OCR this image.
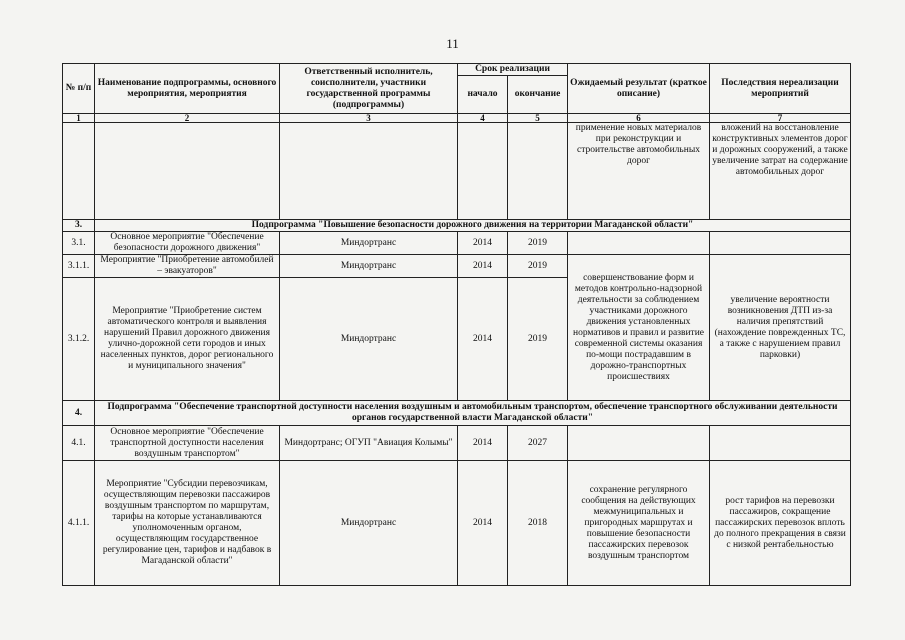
11
№ п/п	Наименование подпрограммы, основного мероприятия, мероприятия	Ответственный исполнитель, соисполнители, участники государственной программы (подпрограммы)	Срок реализации		Ожидаемый результат (краткое описание)	Последствия нереализации мероприятий
			начало	окончание		
1	2	3	4	5	6	7
					применение новых материалов при реконструкции и строительстве автомобильных дорог	вложений на восстановление конструктивных элементов дорог и дорожных сооружений, а также увеличение затрат на содержание автомобильных дорог
3.	Подпрограмма "Повышение безопасности дорожного движения на территории Магаданской области"					
3.1.	Основное мероприятие "Обеспечение безопасности дорожного движения"	Миндортранс	2014	2019		
3.1.1.	Мероприятие "Приобретение автомобилей – эвакуаторов"	Миндортранс	2014	2019	совершенствование форм и методов контрольно-надзорной деятельности за соблюдением участниками дорожного движения установленных нормативов и правил и развитие современной системы оказания по-мощи пострадавшим в дорожно-транспортных происшествиях	увеличение вероятности возникновения ДТП из-за наличия препятствий (нахождение поврежденных ТС, а также с нарушением правил парковки)
3.1.2.	Мероприятие "Приобретение систем автоматического контроля и выявления нарушений Правил дорожного движения улично-дорожной сети городов и иных населенных пунктов, дорог регионального и муниципального значения"	Миндортранс	2014	2019		
4.	Подпрограмма "Обеспечение транспортной доступности населения воздушным и автомобильным транспортом, обеспечение транспортного обслуживании деятельности органов государственной власти Магаданской области"					
4.1.	Основное мероприятие "Обеспечение транспортной доступности населения воздушным транспортом"	Миндортранс; ОГУП "Авиация Колымы"	2014	2027		
4.1.1.	Мероприятие "Субсидии перевозчикам, осуществляющим перевозки пассажиров воздушным транспортом по маршрутам, тарифы на которые устанавливаются уполномоченным органом, осуществляющим государственное регулирование цен, тарифов и надбавок в Магаданской области"	Миндортранс	2014	2018	сохранение регулярного сообщения на действующих межмуниципальных и пригородных маршрутах и повышение безопасности пассажирских перевозок воздушным транспортом	рост тарифов на перевозки пассажиров, сокращение пассажирских перевозок вплоть до полного прекращения в связи с низкой рентабельностью
